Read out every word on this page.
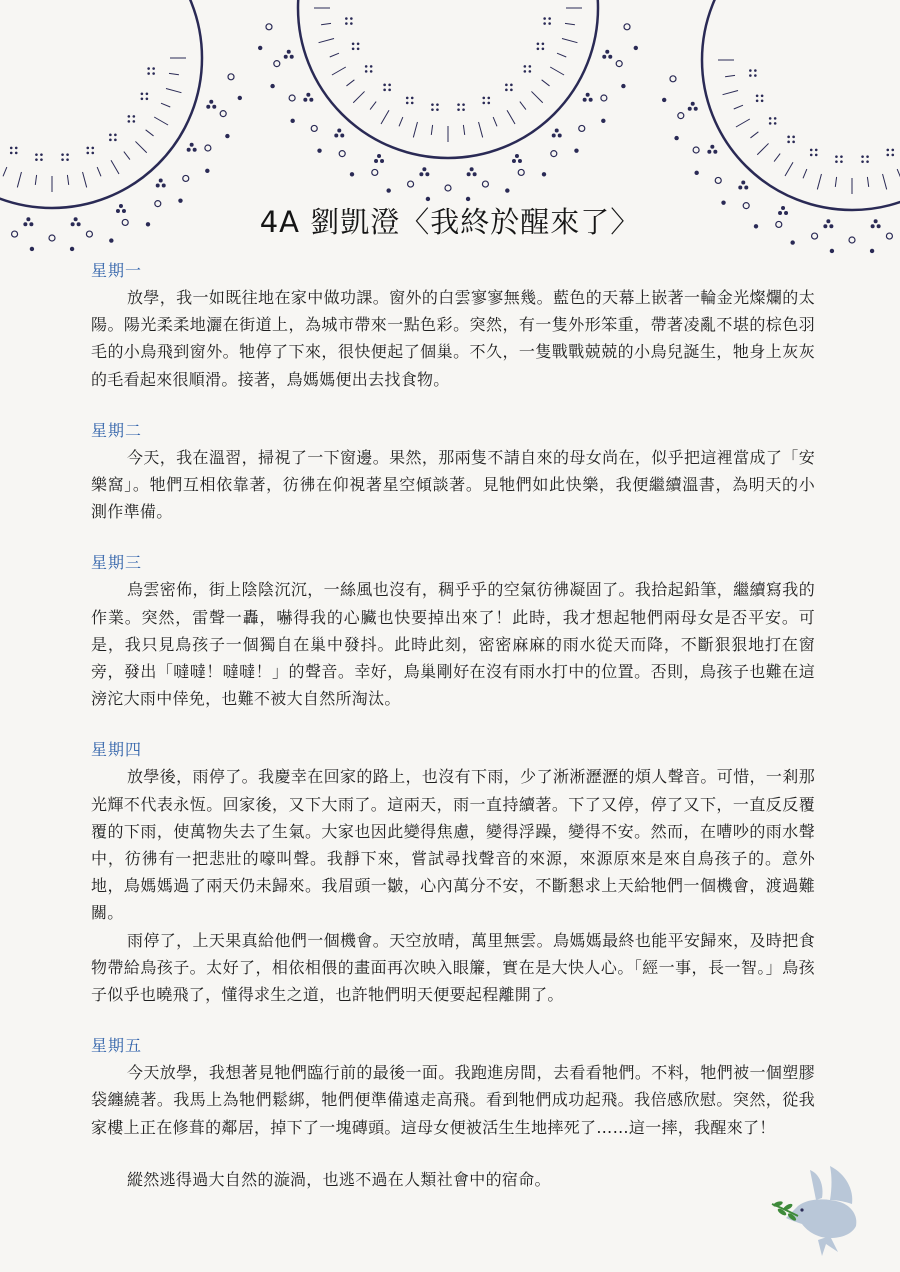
4A 劉凱澄〈我終於醒來了〉
星期一

放學，我一如既往地在家中做功課。窗外的白雲寥寥無幾。藍色的天幕上嵌著一輪金光燦爛的太陽。陽光柔柔地灑在街道上，為城市帶來一點色彩。突然，有一隻外形笨重，帶著凌亂不堪的棕色羽毛的小鳥飛到窗外。牠停了下來，很快便起了個巢。不久，一隻戰戰兢兢的小鳥兒誕生，牠身上灰灰的毛看起來很順滑。接著，鳥媽媽便出去找食物。

星期二

今天，我在溫習，掃視了一下窗邊。果然，那兩隻不請自來的母女尚在，似乎把這裡當成了「安樂窩」。牠們互相依靠著，彷彿在仰視著星空傾談著。見牠們如此快樂，我便繼續溫書，為明天的小測作準備。

星期三

烏雲密佈，街上陰陰沉沉，一絲風也沒有，稠乎乎的空氣彷彿凝固了。我拾起鉛筆，繼續寫我的作業。突然，雷聲一轟，嚇得我的心臟也快要掉出來了！此時，我才想起牠們兩母女是否平安。可是，我只見鳥孩子一個獨自在巢中發抖。此時此刻，密密麻麻的雨水從天而降，不斷狠狠地打在窗旁，發出「噠噠！噠噠！」的聲音。幸好，鳥巢剛好在沒有雨水打中的位置。否則，鳥孩子也難在這滂沱大雨中倖免，也難不被大自然所淘汰。

星期四

放學後，雨停了。我慶幸在回家的路上，也沒有下雨，少了淅淅瀝瀝的煩人聲音。可惜，一剎那光輝不代表永恆。回家後，又下大雨了。這兩天，雨一直持續著。下了又停，停了又下，一直反反覆覆的下雨，使萬物失去了生氣。大家也因此變得焦慮，變得浮躁，變得不安。然而，在嘈吵的雨水聲中，彷彿有一把悲壯的嚎叫聲。我靜下來，嘗試尋找聲音的來源，來源原來是來自鳥孩子的。意外地，鳥媽媽過了兩天仍未歸來。我眉頭一皺，心內萬分不安，不斷懇求上天給牠們一個機會，渡過難關。

雨停了，上天果真給他們一個機會。天空放晴，萬里無雲。鳥媽媽最終也能平安歸來，及時把食物帶給鳥孩子。太好了，相依相偎的畫面再次映入眼簾，實在是大快人心。「經一事，長一智。」鳥孩子似乎也曉飛了，懂得求生之道，也許牠們明天便要起程離開了。

星期五

今天放學，我想著見牠們臨行前的最後一面。我跑進房間，去看看牠們。不料，牠們被一個塑膠袋纏繞著。我馬上為牠們鬆綁，牠們便準備遠走高飛。看到牠們成功起飛。我倍感欣慰。突然，從我家樓上正在修葺的鄰居，掉下了一塊磚頭。這母女便被活生生地摔死了……這一摔，我醒來了！

縱然逃得過大自然的漩渦，也逃不過在人類社會中的宿命。
